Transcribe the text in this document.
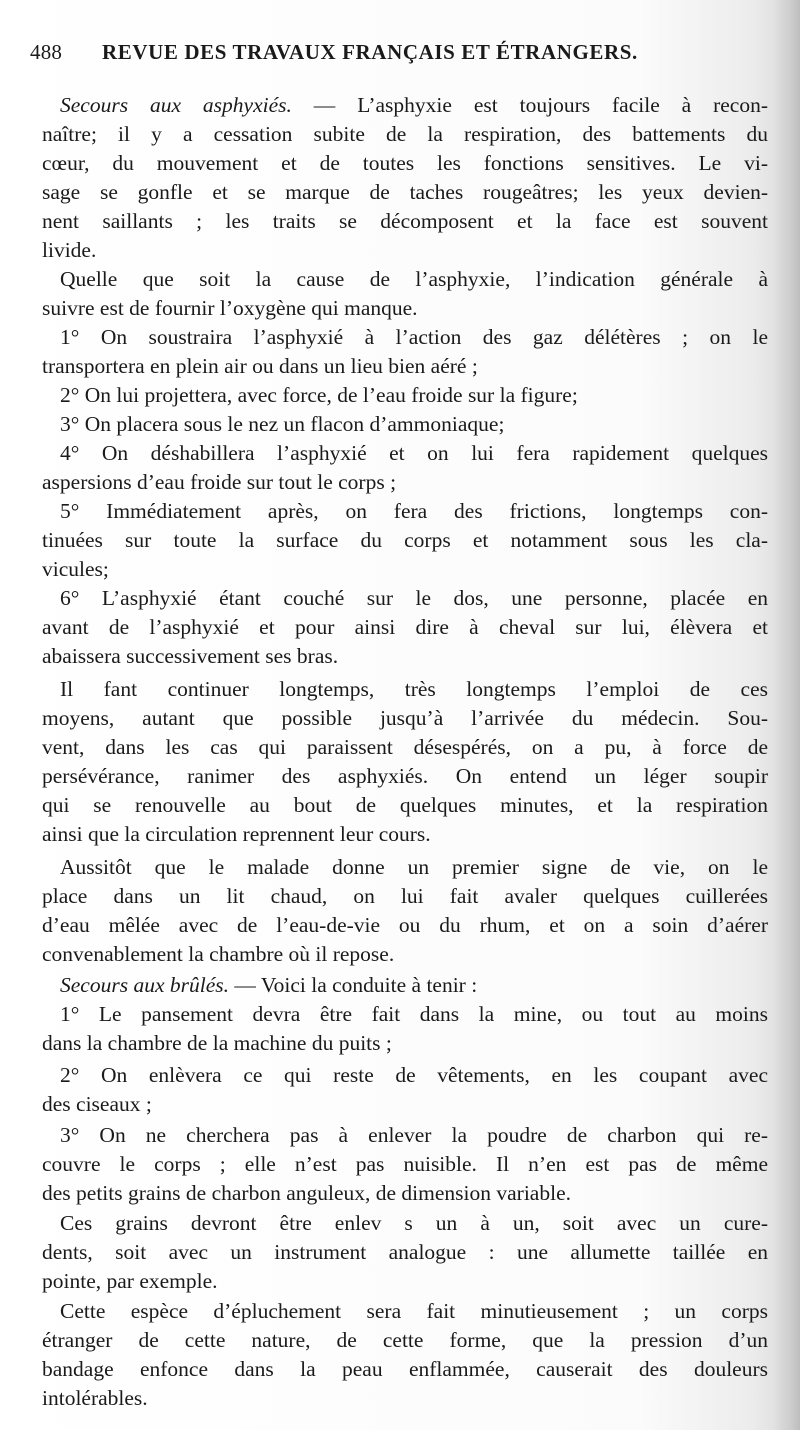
488 REVUE DES TRAVAUX FRANÇAIS ET ÉTRANGERS.
Secours aux asphyxiés. — L’asphyxie est toujours facile à recon-
naître; il y a cessation subite de la respiration, des battements du
cœur, du mouvement et de toutes les fonctions sensitives. Le vi-
sage se gonfle et se marque de taches rougeâtres; les yeux devien-
nent saillants ; les traits se décomposent et la face est souvent
livide.
Quelle que soit la cause de l’asphyxie, l’indication générale à
suivre est de fournir l’oxygène qui manque.
1° On soustraira l’asphyxié à l’action des gaz délétères ; on le
transportera en plein air ou dans un lieu bien aéré ;
2° On lui projettera, avec force, de l’eau froide sur la figure;
3° On placera sous le nez un flacon d’ammoniaque;
4° On déshabillera l’asphyxié et on lui fera rapidement quelques
aspersions d’eau froide sur tout le corps ;
5° Immédiatement après, on fera des frictions, longtemps con-
tinuées sur toute la surface du corps et notamment sous les cla-
vicules;
6° L’asphyxié étant couché sur le dos, une personne, placée en
avant de l’asphyxié et pour ainsi dire à cheval sur lui, élèvera et
abaissera successivement ses bras.
Il fant continuer longtemps, très longtemps l’emploi de ces
moyens, autant que possible jusqu’à l’arrivée du médecin. Sou-
vent, dans les cas qui paraissent désespérés, on a pu, à force de
persévérance, ranimer des asphyxiés. On entend un léger soupir
qui se renouvelle au bout de quelques minutes, et la respiration
ainsi que la circulation reprennent leur cours.
Aussitôt que le malade donne un premier signe de vie, on le
place dans un lit chaud, on lui fait avaler quelques cuillerées
d’eau mêlée avec de l’eau-de-vie ou du rhum, et on a soin d’aérer
convenablement la chambre où il repose.
Secours aux brûlés. — Voici la conduite à tenir :
1° Le pansement devra être fait dans la mine, ou tout au moins
dans la chambre de la machine du puits ;
2° On enlèvera ce qui reste de vêtements, en les coupant avec
des ciseaux ;
3° On ne cherchera pas à enlever la poudre de charbon qui re-
couvre le corps ; elle n’est pas nuisible. Il n’en est pas de même
des petits grains de charbon anguleux, de dimension variable.
Ces grains devront être enlev s un à un, soit avec un cure-
dents, soit avec un instrument analogue : une allumette taillée en
pointe, par exemple.
Cette espèce d’épluchement sera fait minutieusement ; un corps
étranger de cette nature, de cette forme, que la pression d’un
bandage enfonce dans la peau enflammée, causerait des douleurs
intolérables.
